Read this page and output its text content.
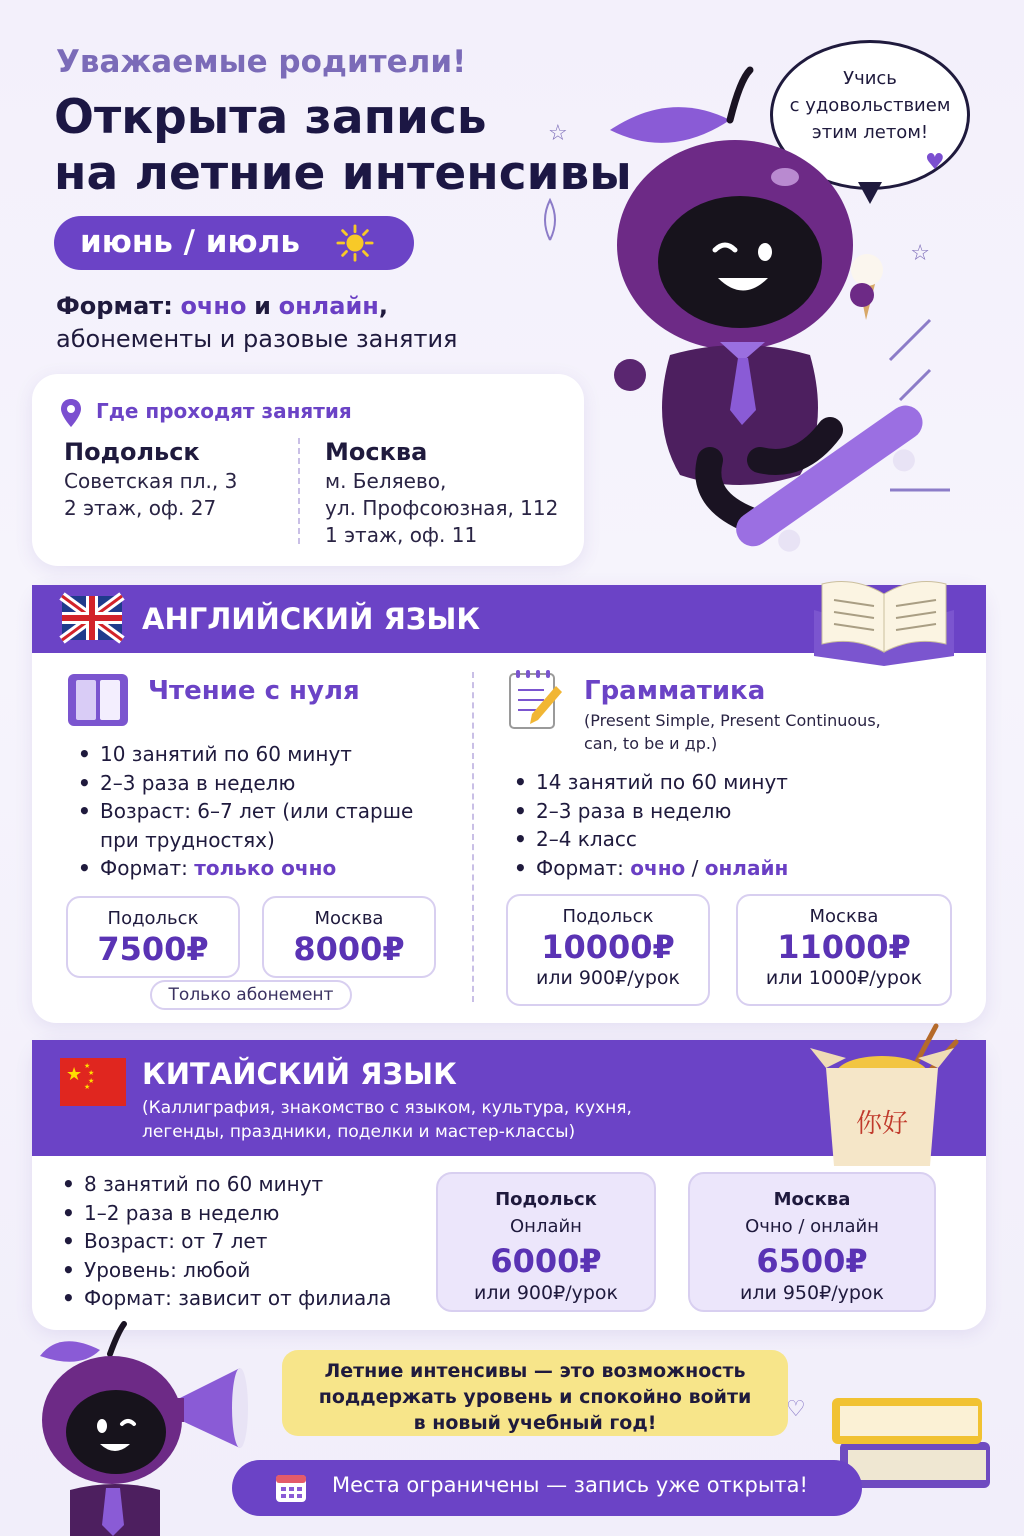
Уважаемые родители!
Открыта запись
на летние интенсивы
июнь / июль
Формат: очно и онлайн,
абонементы и разовые занятия
Учись
с удовольствием
этим летом!
♥
☆
☆
Где проходят занятия
Подольск
Советская пл., 3
2 этаж, оф. 27
Москва
м. Беляево,
ул. Профсоюзная, 112
1 этаж, оф. 11
АНГЛИЙСКИЙ ЯЗЫК
Чтение с нуля
• 10 занятий по 60 минут
• 2–3 раза в неделю
• Возраст: 6–7 лет (или старше
при трудностях)
• Формат: только очно
Подольск
7500₽
Москва
8000₽
Только абонемент
Грамматика
(Present Simple, Present Continuous,
can, to be и др.)
• 14 занятий по 60 минут
• 2–3 раза в неделю
• 2–4 класс
• Формат: очно / онлайн
Подольск
10000₽
или 900₽/урок
Москва
11000₽
или 1000₽/урок
★ ★
★
★
★ КИТАЙСКИЙ ЯЗЫК
(Каллиграфия, знакомство с языком, культура, кухня,
легенды, праздники, поделки и мастер-классы)	你好
• 8 занятий по 60 минут
• 1–2 раза в неделю
• Возраст: от 7 лет
• Уровень: любой
• Формат: зависит от филиала
Подольск
Онлайн
6000₽
или 900₽/урок
Москва
Очно / онлайн
6500₽
или 950₽/урок
Летние интенсивы — это возможность
поддержать уровень и спокойно войти
в новый учебный год!
♡
Места ограничены — запись уже открыта!
